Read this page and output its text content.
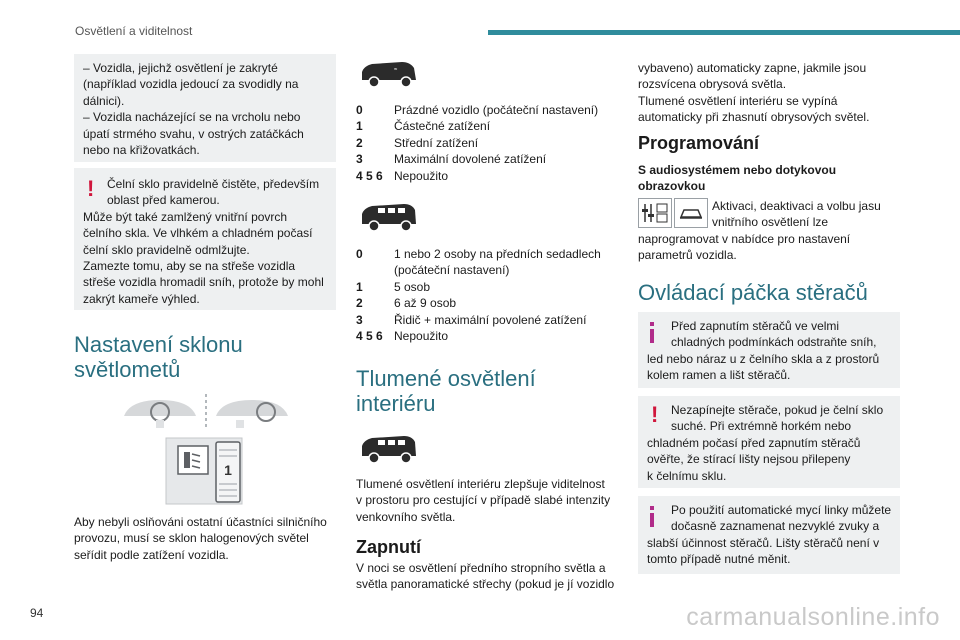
Osvětlení a viditelnost
– Vozidla, jejichž osvětlení je zakryté
(například vozidla jedoucí za svodidly na
dálnici).
– Vozidla nacházející se na vrcholu nebo
úpatí strmého svahu, v ostrých zatáčkách
nebo na křižovatkách.
!	Čelní sklo pravidelně čistěte, především
oblast před kamerou.
Může být také zamlžený vnitřní povrch
čelního skla. Ve vlhkém a chladném počasí
čelní sklo pravidelně odmlžujte.
Zamezte tomu, aby se na střeše vozidla
střeše vozidla hromadil sníh, protože by mohl
zakrýt kameře výhled.
Nastavení sklonu
světlometů
1
Aby nebyli oslňováni ostatní účastníci silničního
provozu, musí se sklon halogenových světel
seřídit podle zatížení vozidla.
≈
0	Prázdné vozidlo (počáteční nastavení)
1	Částečné zatížení
2	Střední zatížení
3	Maximální dovolené zatížení
4 5 6 Nepoužito
0	1 nebo 2 osoby na předních sedadlech
(počáteční nastavení)
1	5 osob
2	6 až 9 osob
3	Řidič + maximální povolené zatížení
4 5 6 Nepoužito
Tlumené osvětlení
interiéru
Tlumené osvětlení interiéru zlepšuje viditelnost
v prostoru pro cestující v případě slabé intenzity
venkovního světla.
Zapnutí
V noci se osvětlení předního stropního světla a
světla panoramatické střechy (pokud je jí vozidlo
vybaveno) automaticky zapne, jakmile jsou
rozsvícena obrysová světla.
Tlumené osvětlení interiéru se vypíná
automaticky při zhasnutí obrysových světel.
Programování
S audiosystémem nebo dotykovou
obrazovkou
Aktivaci, deaktivaci a volbu jasu
vnitřního osvětlení lze
naprogramovat v nabídce pro nastavení
parametrů vozidla.
Ovládací páčka stěračů
Před zapnutím stěračů ve velmi
chladných podmínkách odstraňte sníh,
led nebo náraz u z čelního skla a z prostorů
kolem ramen a lišt stěračů.
!	Nezapínejte stěrače, pokud je čelní sklo
suché. Při extrémně horkém nebo
chladném počasí před zapnutím stěračů
ověřte, že stírací lišty nejsou přilepeny
k čelnímu sklu.
Po použití automatické mycí linky můžete
dočasně zaznamenat nezvyklé zvuky a
slabší účinnost stěračů. Lišty stěračů není v
tomto případě nutné měnit.
94	carmanualsonline.info
